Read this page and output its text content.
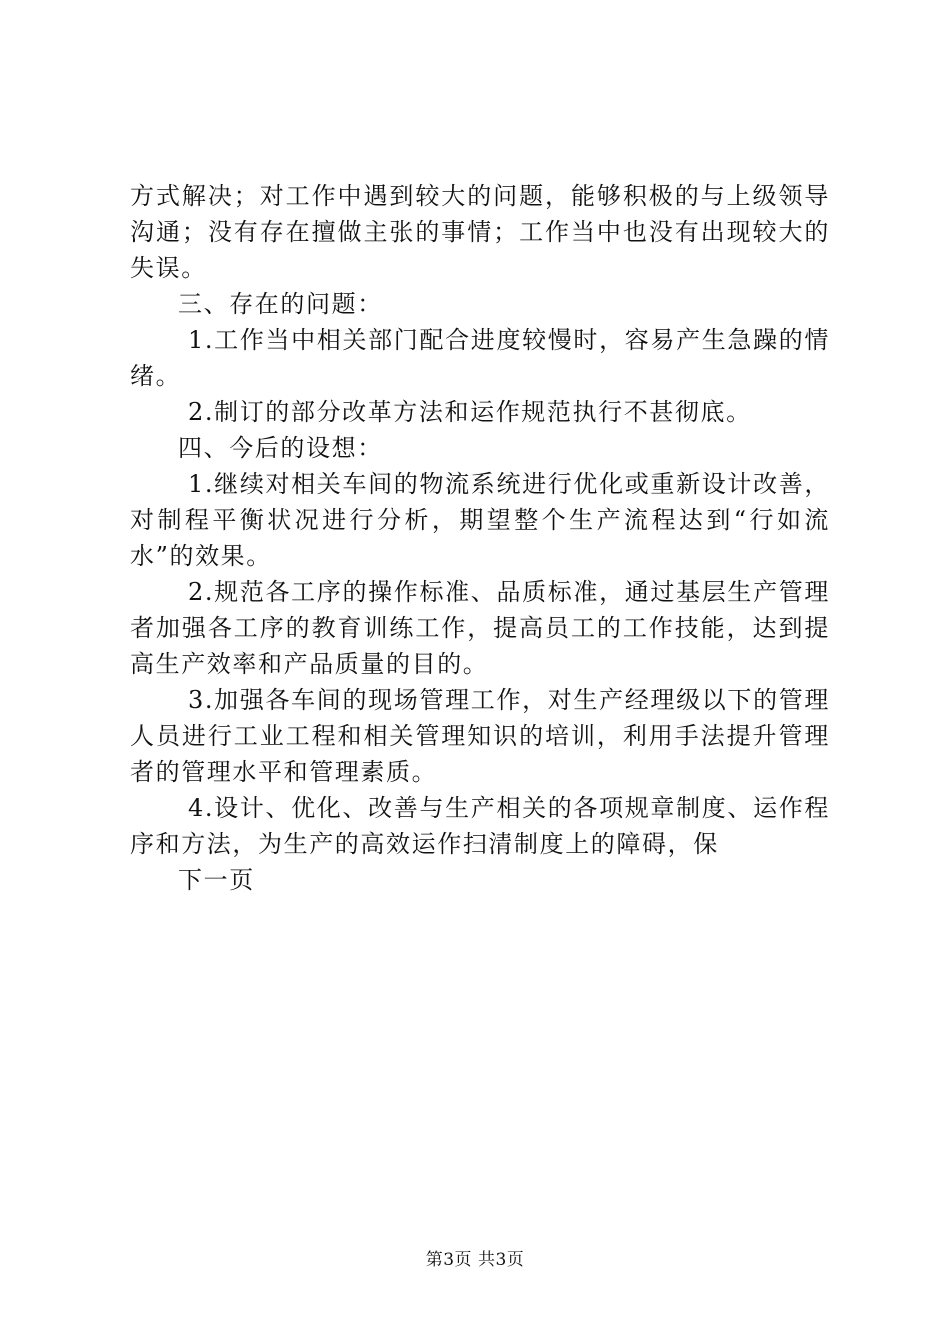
方式解决；对工作中遇到较大的问题，能够积极的与上级领导沟通；没有存在擅做主张的事情；工作当中也没有出现较大的失误。

三、存在的问题：

1.工作当中相关部门配合进度较慢时，容易产生急躁的情绪。

2.制订的部分改革方法和运作规范执行不甚彻底。

四、今后的设想：

1.继续对相关车间的物流系统进行优化或重新设计改善，对制程平衡状况进行分析，期望整个生产流程达到“行如流水”的效果。

2.规范各工序的操作标准、品质标准，通过基层生产管理者加强各工序的教育训练工作，提高员工的工作技能，达到提高生产效率和产品质量的目的。

3.加强各车间的现场管理工作，对生产经理级以下的管理人员进行工业工程和相关管理知识的培训，利用手法提升管理者的管理水平和管理素质。

4.设计、优化、改善与生产相关的各项规章制度、运作程序和方法，为生产的高效运作扫清制度上的障碍，保

下一页

第3页 共3页
